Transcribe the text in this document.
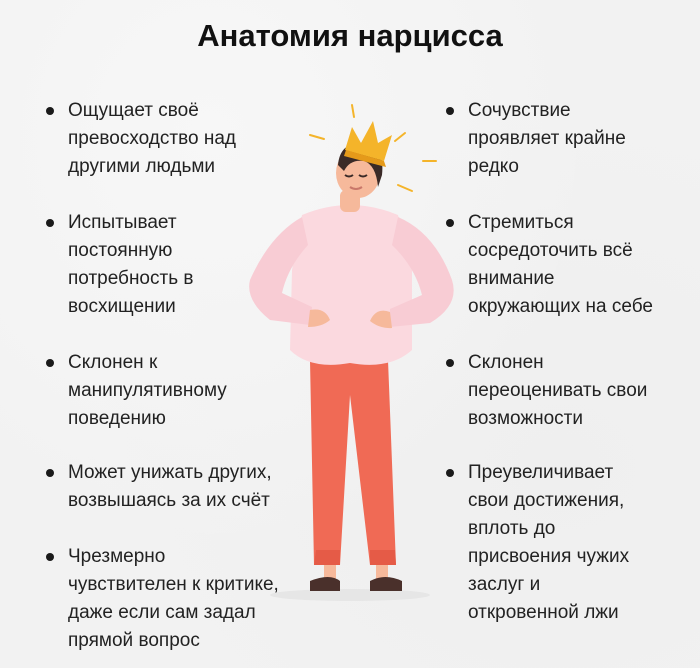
Анатомия нарцисса
Ощущает своё
превосходство над
другими людьми
Испытывает
постоянную
потребность в
восхищении
Склонен к
манипулятивному
поведению
Может унижать других,
возвышаясь за их счёт
Чрезмерно
чувствителен к критике,
даже если сам задал
прямой вопрос
Сочувствие
проявляет крайне
редко
Стремиться
сосредоточить всё
внимание
окружающих на себе
Склонен
переоценивать свои
возможности
Преувеличивает
свои достижения,
вплоть до
присвоения чужих
заслуг и
откровенной лжи
